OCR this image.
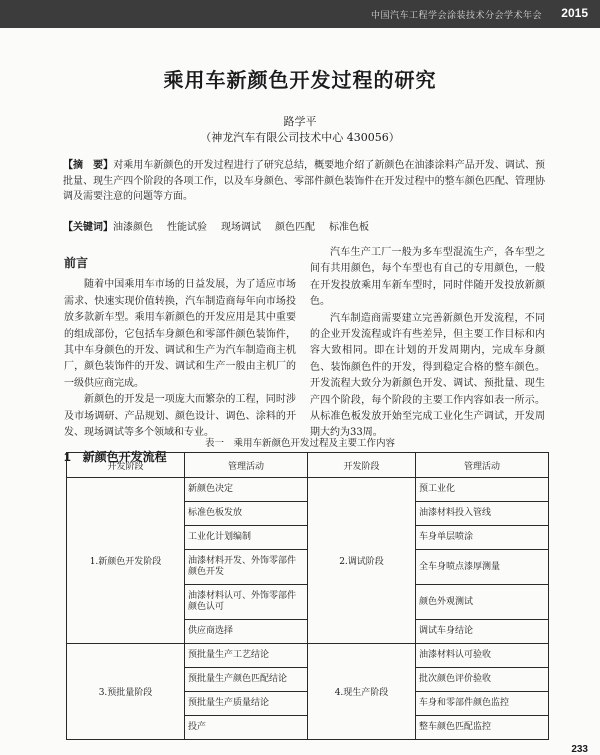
中国汽车工程学会涂装技术分会学术年会 2015
乘用车新颜色开发过程的研究
路学平
（神龙汽车有限公司技术中心 430056）
【摘　要】对乘用车新颜色的开发过程进行了研究总结，概要地介绍了新颜色在油漆涂料产品开发、调试、预批量、现生产四个阶段的各项工作，以及车身颜色、零部件颜色装饰件在开发过程中的整车颜色匹配、管理协调及需要注意的问题等方面。
【关键词】油漆颜色 性能试验 现场调试 颜色匹配 标准色板
前言

随着中国乘用车市场的日益发展，为了适应市场需求、快速实现价值转换，汽车制造商每年向市场投放多款新车型。乘用车新颜色的开发应用是其中重要的组成部份，它包括车身颜色和零部件颜色装饰件，其中车身颜色的开发、调试和生产为汽车制造商主机厂，颜色装饰件的开发、调试和生产一般由主机厂的一级供应商完成。

新颜色的开发是一项庞大而繁杂的工程，同时涉及市场调研、产品规划、颜色设计、调色、涂料的开发、现场调试等多个领域和专业。

1　新颜色开发流程

汽车生产工厂一般为多车型混流生产，各车型之间有共用颜色，每个车型也有自己的专用颜色，一般在开发投放乘用车新车型时，同时伴随开发投放新颜色。

汽车制造商需要建立完善新颜色开发流程，不同的企业开发流程或许有些差异，但主要工作目标和内容大致相同。即在计划的开发周期内，完成车身颜色、装饰颜色件的开发，得到稳定合格的整车颜色。开发流程大致分为新颜色开发、调试、预批量、现生产四个阶段，每个阶段的主要工作内容如表一所示。从标准色板发放开始至完成工业化生产调试，开发周期大约为33周。

表一　乘用车新颜色开发过程及主要工作内容
开发阶段	管理活动	开发阶段	管理活动
1.新颜色开发阶段	新颜色决定	2.调试阶段	预工业化
	标准色板发放		油漆材料投入管线
	工业化计划编制		车身单层喷涂
	油漆材料开发、外饰零部件颜色开发		全车身喷点漆厚测量
	油漆材料认可、外饰零部件颜色认可		颜色外观测试
	供应商选择		调试车身结论
3.预批量阶段	预批量生产工艺结论	4.现生产阶段	油漆材料认可验收
	预批量生产颜色匹配结论		批次颜色评价验收
	预批量生产质量结论		车身和零部件颜色监控
	投产		整车颜色匹配监控
233
